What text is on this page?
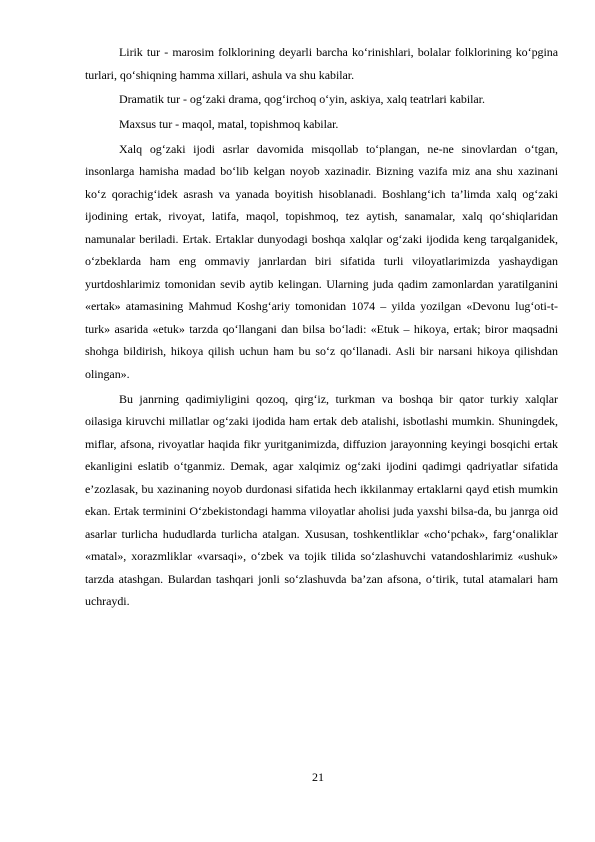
Lirik tur - marosim folklorining deyarli barcha ko‘rinishlari, bolalar folklorining ko‘pgina turlari, qo‘shiqning hamma xillari, ashula va shu kabilar.

Dramatik tur - og‘zaki drama, qog‘irchoq o‘yin, askiya, xalq teatrlari kabilar.

Maxsus tur - maqol, matal, topishmoq kabilar.

Xalq og‘zaki ijodi asrlar davomida misqollab to‘plangan, ne-ne sinovlardan o‘tgan, insonlarga hamisha madad bo‘lib kelgan noyob xazinadir. Bizning vazifa miz ana shu xazinani ko‘z qorachig‘idek asrash va yanada boyitish hisoblanadi. Boshlang‘ich ta’limda xalq og‘zaki ijodining ertak, rivoyat, latifa, maqol, topishmoq, tez aytish, sanamalar, xalq qo‘shiqlaridan namunalar beriladi. Ertak. Ertaklar dunyodagi boshqa xalqlar og‘zaki ijodida keng tarqalganidek, o‘zbeklarda ham eng ommaviy janrlardan biri sifatida turli viloyatlarimizda yashaydigan yurtdoshlarimiz tomonidan sevib aytib kelingan. Ularning juda qadim zamonlardan yaratilganini «ertak» atamasining Mahmud Koshg‘ariy tomonidan 1074 – yilda yozilgan «Devonu lug‘oti-t-turk» asarida «etuk» tarzda qo‘llangani dan bilsa bo‘ladi: «Etuk – hikoya, ertak; biror maqsadni shohga bildirish, hikoya qilish uchun ham bu so‘z qo‘llanadi. Asli bir narsani hikoya qilishdan olingan».

Bu janrning qadimiyligini qozoq, qirg‘iz, turkman va boshqa bir qator turkiy xalqlar oilasiga kiruvchi millatlar og‘zaki ijodida ham ertak deb atalishi, isbotlashi mumkin. Shuningdek, miflar, afsona, rivoyatlar haqida fikr yuritganimizda, diffuzion jarayonning keyingi bosqichi ertak ekanligini eslatib o‘tganmiz. Demak, agar xalqimiz og‘zaki ijodini qadimgi qadriyatlar sifatida e’zozlasak, bu xazinaning noyob durdonasi sifatida hech ikkilanmay ertaklarni qayd etish mumkin ekan. Ertak terminini O‘zbekistondagi hamma viloyatlar aholisi juda yaxshi bilsa-da, bu janrga oid asarlar turlicha hududlarda turlicha atalgan. Xususan, toshkentliklar «cho‘pchak», farg‘onaliklar «matal», xorazmliklar «varsaqi», o‘zbek va tojik tilida so‘zlashuvchi vatandoshlarimiz «ushuk» tarzda atashgan. Bulardan tashqari jonli so‘zlashuvda ba’zan afsona, o‘tirik, tutal atamalari ham uchraydi.

21
